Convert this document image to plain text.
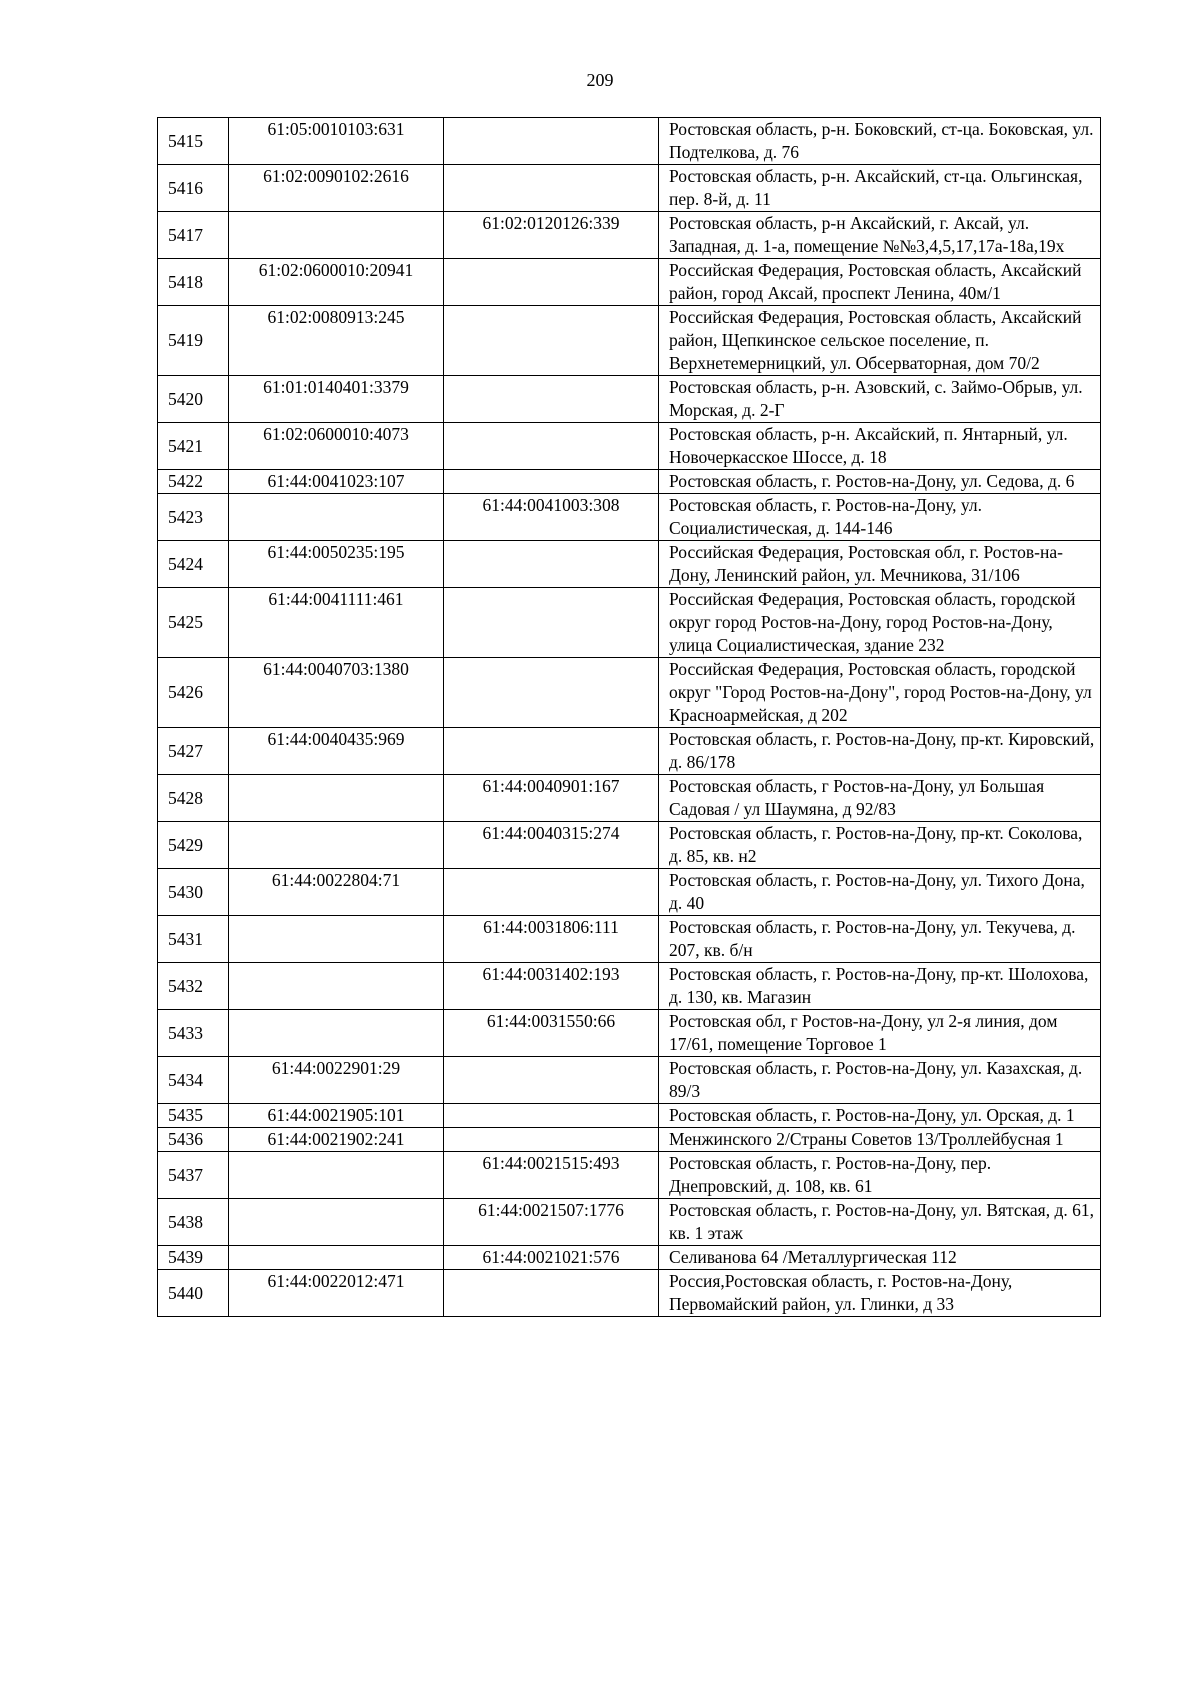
209
5415	61:05:0010103:631		Ростовская область, р-н. Боковский, ст-ца. Боковская, ул. Подтелкова, д. 76
5416	61:02:0090102:2616		Ростовская область, р-н. Аксайский, ст-ца. Ольгинская, пер. 8-й, д. 11
5417		61:02:0120126:339	Ростовская область, р-н Аксайский, г. Аксай, ул. Западная, д. 1-а, помещение №№3,4,5,17,17а-18а,19х
5418	61:02:0600010:20941		Российская Федерация, Ростовская область, Аксайский район, город Аксай, проспект Ленина, 40м/1
5419	61:02:0080913:245		Российская Федерация, Ростовская область, Аксайский район, Щепкинское сельское поселение, п. Верхнетемерницкий, ул. Обсерваторная, дом 70/2
5420	61:01:0140401:3379		Ростовская область, р-н. Азовский, с. Займо-Обрыв, ул. Морская, д. 2-Г
5421	61:02:0600010:4073		Ростовская область, р-н. Аксайский, п. Янтарный, ул. Новочеркасское Шоссе, д. 18
5422	61:44:0041023:107		Ростовская область, г. Ростов-на-Дону, ул. Седова, д. 6
5423		61:44:0041003:308	Ростовская область, г. Ростов-на-Дону, ул. Социалистическая, д. 144-146
5424	61:44:0050235:195		Российская Федерация, Ростовская обл, г. Ростов-на-Дону, Ленинский район, ул. Мечникова, 31/106
5425	61:44:0041111:461		Российская Федерация, Ростовская область, городской округ город Ростов-на-Дону, город Ростов-на-Дону, улица Социалистическая, здание 232
5426	61:44:0040703:1380		Российская Федерация, Ростовская область, городской округ "Город Ростов-на-Дону", город Ростов-на-Дону, ул Красноармейская, д 202
5427	61:44:0040435:969		Ростовская область, г. Ростов-на-Дону, пр-кт. Кировский, д. 86/178
5428		61:44:0040901:167	Ростовская область, г Ростов-на-Дону, ул Большая Садовая / ул Шаумяна, д 92/83
5429		61:44:0040315:274	Ростовская область, г. Ростов-на-Дону, пр-кт. Соколова, д. 85, кв. н2
5430	61:44:0022804:71		Ростовская область, г. Ростов-на-Дону, ул. Тихого Дона, д. 40
5431		61:44:0031806:111	Ростовская область, г. Ростов-на-Дону, ул. Текучева, д. 207, кв. б/н
5432		61:44:0031402:193	Ростовская область, г. Ростов-на-Дону, пр-кт. Шолохова, д. 130, кв. Магазин
5433		61:44:0031550:66	Ростовская обл, г Ростов-на-Дону, ул 2-я линия, дом 17/61, помещение Торговое 1
5434	61:44:0022901:29		Ростовская область, г. Ростов-на-Дону, ул. Казахская, д. 89/3
5435	61:44:0021905:101		Ростовская область, г. Ростов-на-Дону, ул. Орская, д. 1
5436	61:44:0021902:241		Менжинского 2/Страны Советов 13/Троллейбусная 1
5437		61:44:0021515:493	Ростовская область, г. Ростов-на-Дону, пер. Днепровский, д. 108, кв. 61
5438		61:44:0021507:1776	Ростовская область, г. Ростов-на-Дону, ул. Вятская, д. 61, кв. 1 этаж
5439		61:44:0021021:576	Селиванова 64 /Металлургическая 112
5440	61:44:0022012:471		Россия,Ростовская область, г. Ростов-на-Дону, Первомайский район, ул. Глинки, д 33
